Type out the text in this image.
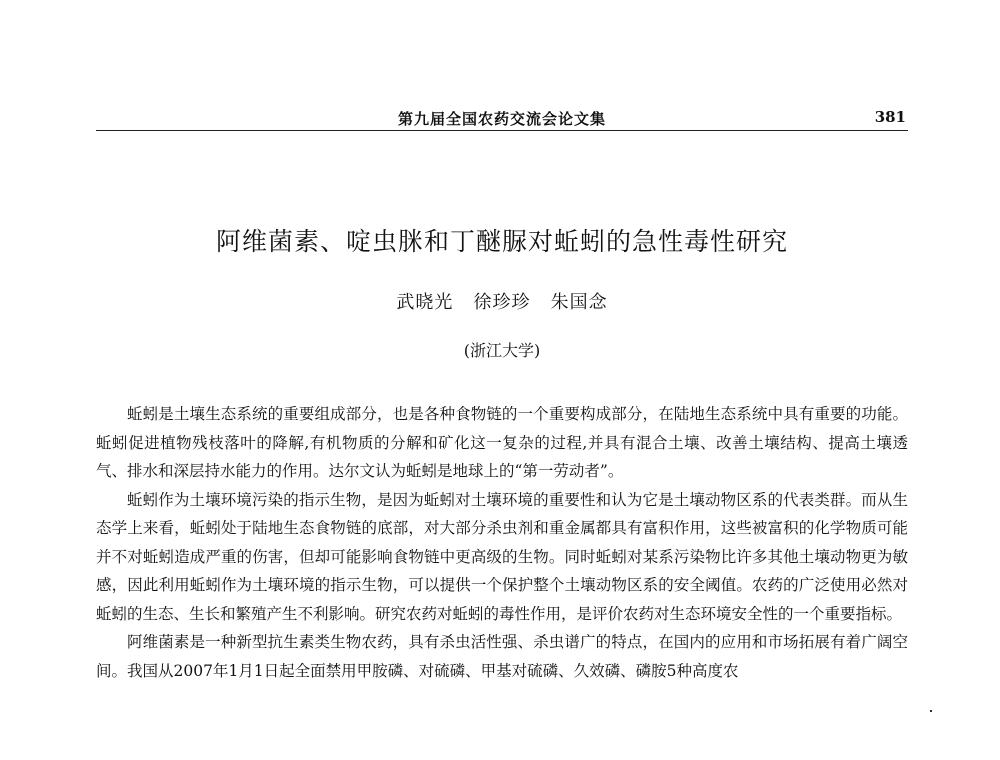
第九届全国农药交流会论文集	381
阿维菌素、啶虫脒和丁醚脲对蚯蚓的急性毒性研究
武晓光   徐珍珍   朱国念
(浙江大学)

蚯蚓是土壤生态系统的重要组成部分，也是各种食物链的一个重要构成部分，在陆地生态系统中具有重要的功能。蚯蚓促进植物残枝落叶的降解,有机物质的分解和矿化这一复杂的过程,并具有混合土壤、改善土壤结构、提高土壤透气、排水和深层持水能力的作用。达尔文认为蚯蚓是地球上的“第一劳动者”。

蚯蚓作为土壤环境污染的指示生物，是因为蚯蚓对土壤环境的重要性和认为它是土壤动物区系的代表类群。而从生态学上来看，蚯蚓处于陆地生态食物链的底部，对大部分杀虫剂和重金属都具有富积作用，这些被富积的化学物质可能并不对蚯蚓造成严重的伤害，但却可能影响食物链中更高级的生物。同时蚯蚓对某系污染物比许多其他土壤动物更为敏感，因此利用蚯蚓作为土壤环境的指示生物，可以提供一个保护整个土壤动物区系的安全阈值。农药的广泛使用必然对蚯蚓的生态、生长和繁殖产生不利影响。研究农药对蚯蚓的毒性作用，是评价农药对生态环境安全性的一个重要指标。

阿维菌素是一种新型抗生素类生物农药，具有杀虫活性强、杀虫谱广的特点，在国内的应用和市场拓展有着广阔空间。我国从2007年1月1日起全面禁用甲胺磷、对硫磷、甲基对硫磷、久效磷、磷胺5种高度农
